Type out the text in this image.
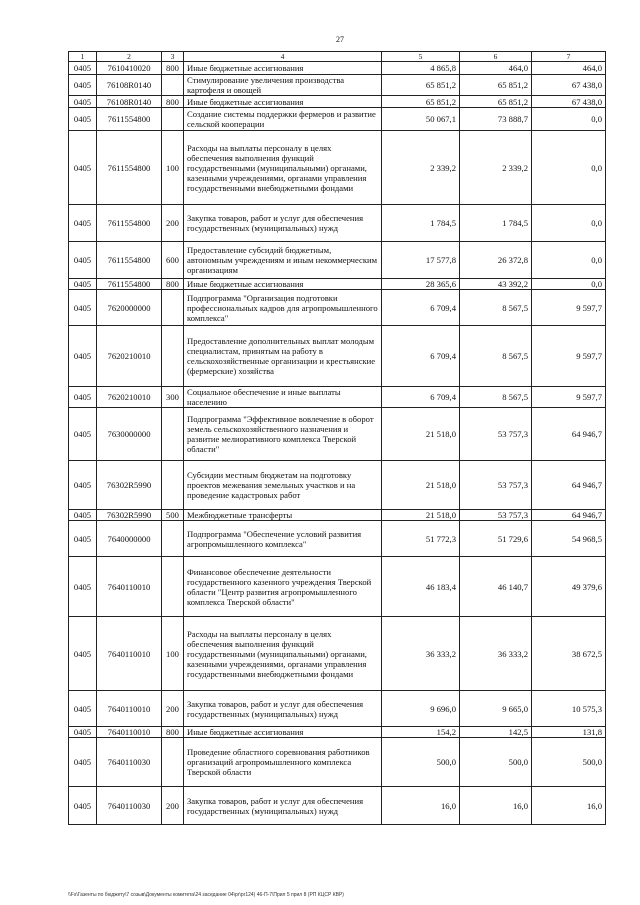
27
1	2	3	4	5	6	7
0405	7610410020	800	Иные бюджетные ассигнования	4 865,8	464,0	464,0
0405	76108R0140		Стимулирование увеличения производства картофеля и овощей	65 851,2	65 851,2	67 438,0
0405	76108R0140	800	Иные бюджетные ассигнования	65 851,2	65 851,2	67 438,0
0405	7611554800		Создание системы поддержки фермеров и развитие сельской кооперации	50 067,1	73 888,7	0,0
0405	7611554800	100	Расходы на выплаты персоналу в целях обеспечения выполнения функций государственными (муниципальными) органами, казенными учреждениями, органами управления государственными внебюджетными фондами	2 339,2	2 339,2	0,0
0405	7611554800	200	Закупка товаров, работ и услуг для обеспечения государственных (муниципальных) нужд	1 784,5	1 784,5	0,0
0405	7611554800	600	Предоставление субсидий бюджетным, автономным учреждениям и иным некоммерческим организациям	17 577,8	26 372,8	0,0
0405	7611554800	800	Иные бюджетные ассигнования	28 365,6	43 392,2	0,0
0405	7620000000		Подпрограмма "Организация подготовки профессиональных кадров для агропромышленного комплекса"	6 709,4	8 567,5	9 597,7
0405	7620210010		Предоставление дополнительных выплат молодым специалистам, принятым на работу в сельскохозяйственные организации и крестьянские (фермерские) хозяйства	6 709,4	8 567,5	9 597,7
0405	7620210010	300	Социальное обеспечение и иные выплаты населению	6 709,4	8 567,5	9 597,7
0405	7630000000		Подпрограмма "Эффективное вовлечение в оборот земель сельскохозяйственного назначения и развитие мелиоративного комплекса Тверской области"	21 518,0	53 757,3	64 946,7
0405	76302R5990		Субсидии местным бюджетам на подготовку проектов межевания земельных участков и на проведение кадастровых работ	21 518,0	53 757,3	64 946,7
0405	76302R5990	500	Межбюджетные трансферты	21 518,0	53 757,3	64 946,7
0405	7640000000		Подпрограмма "Обеспечение условий развития агропромышленного комплекса"	51 772,3	51 729,6	54 968,5
0405	7640110010		Финансовое обеспечение деятельности государственного казенного учреждения Тверской области "Центр развития агропромышленного комплекса Тверской области"	46 183,4	46 140,7	49 379,6
0405	7640110010	100	Расходы на выплаты персоналу в целях обеспечения выполнения функций государственными (муниципальными) органами, казенными учреждениями, органами управления государственными внебюджетными фондами	36 333,2	36 333,2	38 672,5
0405	7640110010	200	Закупка товаров, работ и услуг для обеспечения государственных (муниципальных) нужд	9 696,0	9 665,0	10 575,3
0405	7640110010	800	Иные бюджетные ассигнования	154,2	142,5	131,8
0405	7640110030		Проведение областного соревнования работников организаций агропромышленного комплекса Тверской области	500,0	500,0	500,0
0405	7640110030	200	Закупка товаров, работ и услуг для обеспечения государственных (муниципальных) нужд	16,0	16,0	16,0
\\Fs\Газенты по бюджету\7 созыв\Документы комитета\24 заседание 04\pr\pr124) 46-П-7\Прил 5 прил 8 (РП КЦСР КВР)
